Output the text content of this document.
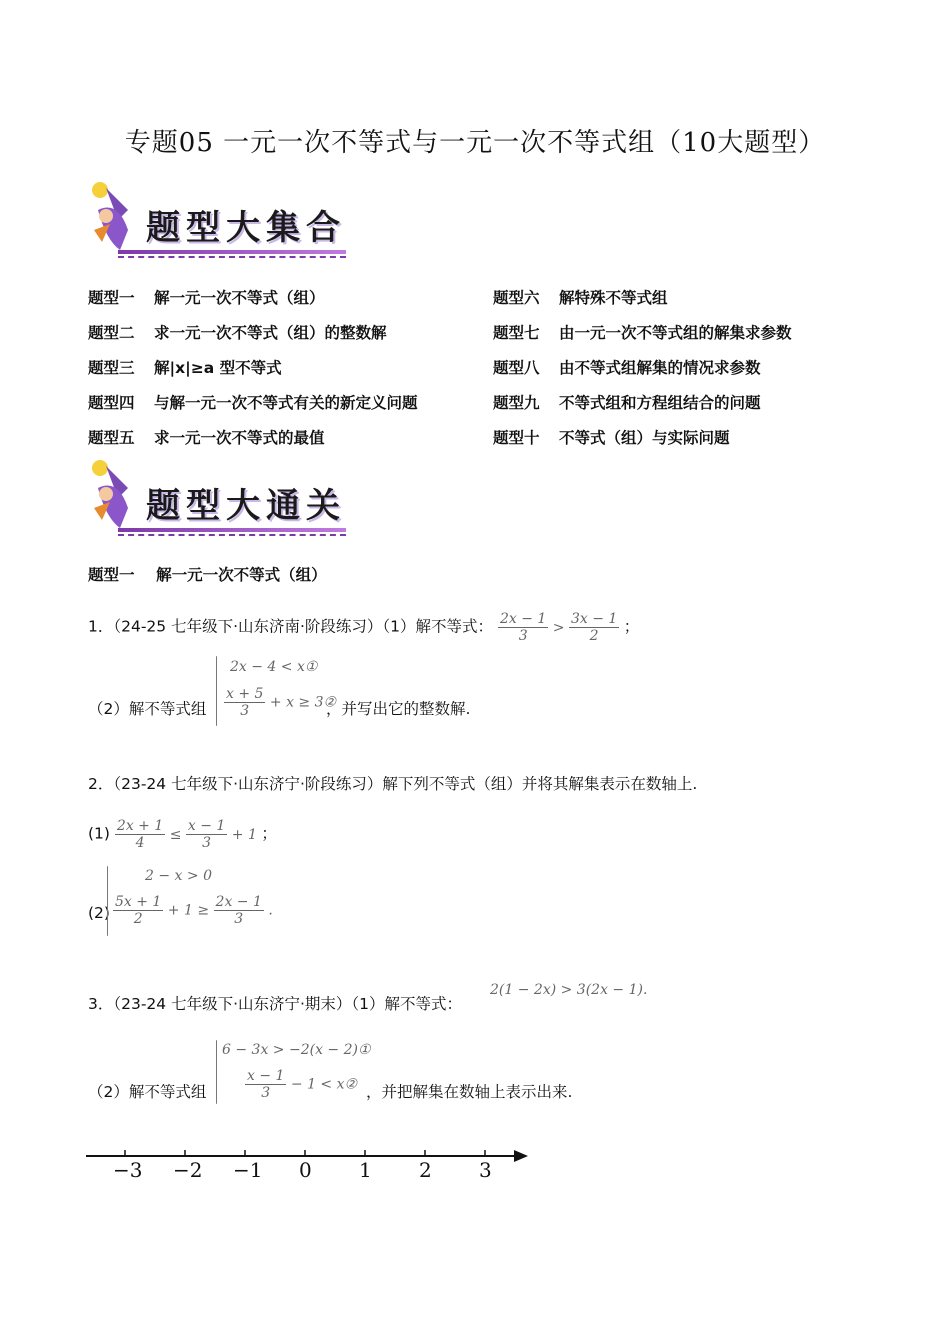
专题05 一元一次不等式与一元一次不等式组（10大题型）
题型大集合
题型一 解一元一次不等式（组）
题型二 求一元一次不等式（组）的整数解
题型三 解|x|≥a 型不等式
题型四 与解一元一次不等式有关的新定义问题
题型五 求一元一次不等式的最值
题型六 解特殊不等式组
题型七 由一元一次不等式组的解集求参数
题型八 由不等式组解集的情况求参数
题型九 不等式组和方程组结合的问题
题型十 不等式（组）与实际问题
题型大通关
题型一    解一元一次不等式（组）
1．（24-25 七年级下·山东济南·阶段练习）（1）解不等式： $\frac{2x - 1}{3} > \frac{3x - 1}{2}$ ；
（2）解不等式组
2x − 4 < x①
$\frac{x + 5}{3} + x$ ≥ 3②
，并写出它的整数解.
2．（23-24 七年级下·山东济宁·阶段练习）解下列不等式（组）并将其解集表示在数轴上.
$(1) \frac{2x + 1}{4} \le \frac{x - 1}{3} + 1$ ；
(2)
2 − x > 0
$\frac{5x + 1}{2} + 1 \ge \frac{2x - 1}{3}$ .
3．（23-24 七年级下·山东济宁·期末）（1）解不等式：
2(1 − 2x) > 3(2x − 1).
（2）解不等式组
6 − 3x > −2(x − 2)①
$\frac{x - 1}{3} - 1$ < x② ，并把解集在数轴上表示出来.
−3 −2 −1 0 1 2 3
